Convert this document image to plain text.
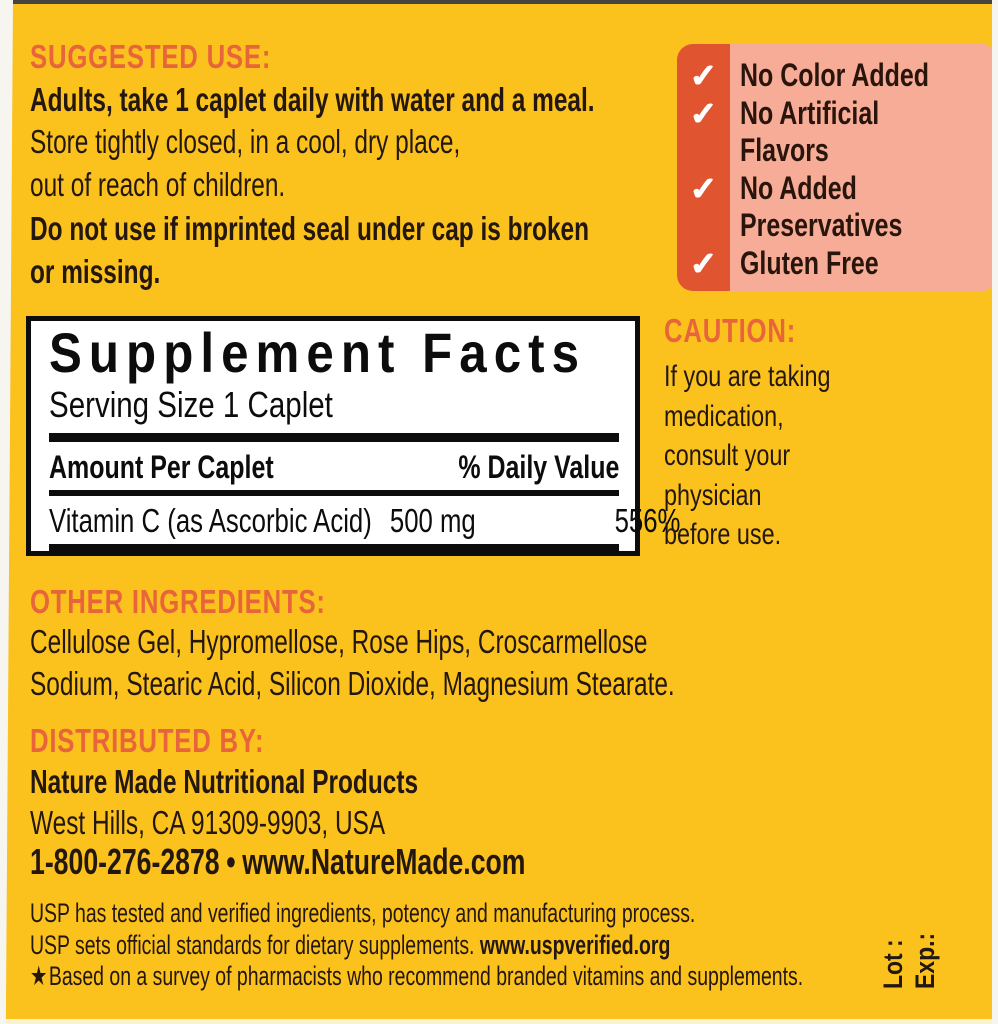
SUGGESTED USE:
Adults, take 1 caplet daily with water and a meal.
Store tightly closed, in a cool, dry place,
out of reach of children.
Do not use if imprinted seal under cap is broken
or missing.
✓ No Color Added
✓ No Artificial
Flavors
✓ No Added
Preservatives
✓ Gluten Free
Supplement Facts
Serving Size 1 Caplet
Amount Per Caplet	% Daily Value
Vitamin C (as Ascorbic Acid) 500 mg	556%
CAUTION:
If you are taking
medication,
consult your
physician
before use.
OTHER INGREDIENTS:
Cellulose Gel, Hypromellose, Rose Hips, Croscarmellose
Sodium, Stearic Acid, Silicon Dioxide, Magnesium Stearate.
DISTRIBUTED BY:
Nature Made Nutritional Products
West Hills, CA 91309-9903, USA
1-800-276-2878 • www.NatureMade.com
USP has tested and verified ingredients, potency and manufacturing process.
USP sets official standards for dietary supplements. www.uspverified.org
★Based on a survey of pharmacists who recommend branded vitamins and supplements.	Lot : Exp.:
